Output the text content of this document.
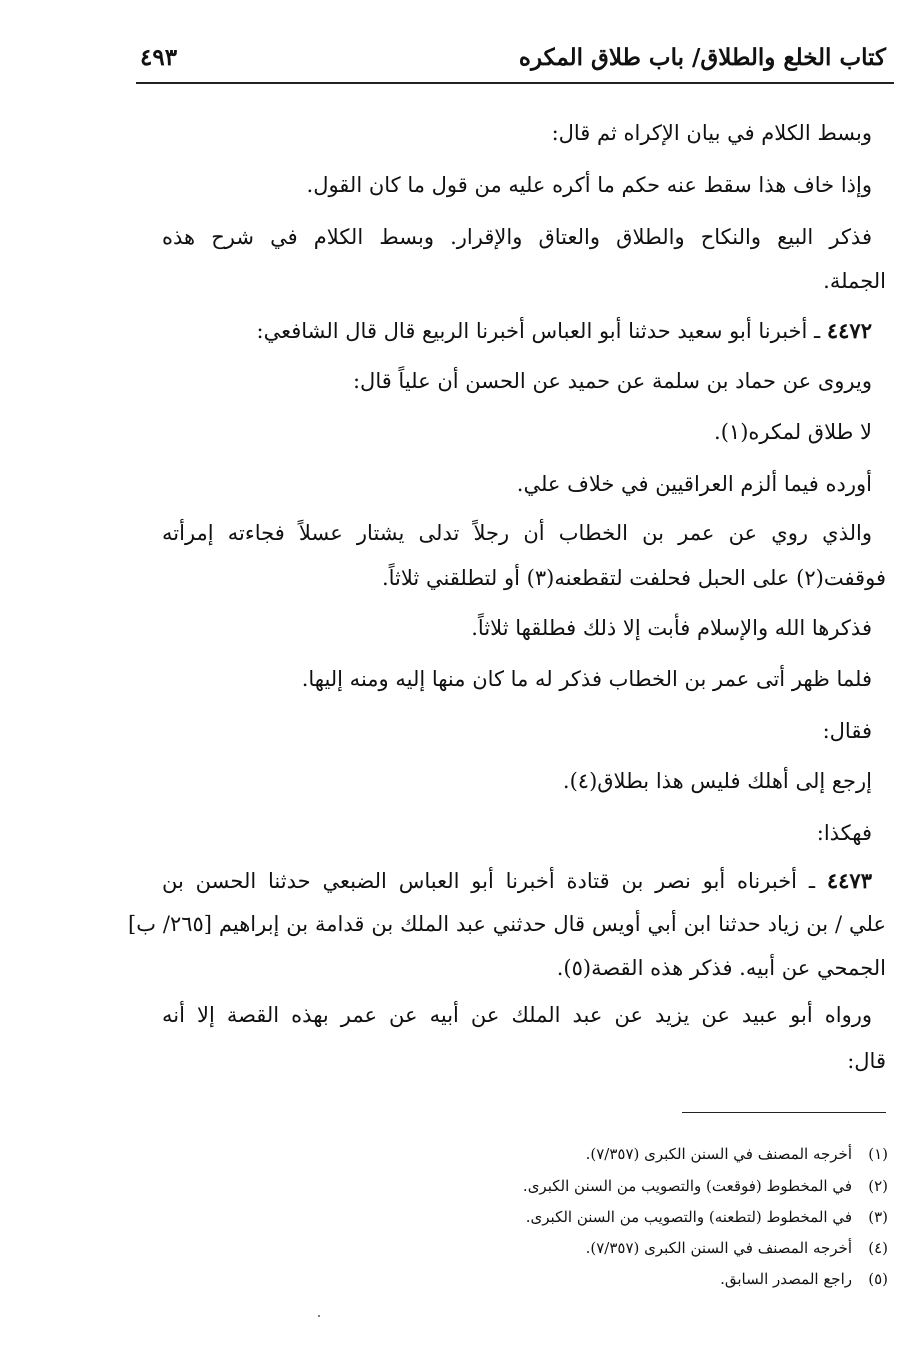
كتاب الخلع والطلاق/ باب طلاق المكره
٤٩٣
وبسط الكلام في بيان الإكراه ثم قال:
وإذا خاف هذا سقط عنه حكم ما أكره عليه من قول ما كان القول.
فذكر البيع والنكاح والطلاق والعتاق والإقرار. وبسط الكلام في شرح هذه
الجملة.
٤٤٧٢ ـ أخبرنا أبو سعيد حدثنا أبو العباس أخبرنا الربيع قال قال الشافعي:
ويروى عن حماد بن سلمة عن حميد عن الحسن أن علياً قال:
لا طلاق لمكره(١).
أورده فيما ألزم العراقيين في خلاف علي.
والذي روي عن عمر بن الخطاب أن رجلاً تدلى يشتار عسلاً فجاءته إمرأته
فوقفت(٢) على الحبل فحلفت لتقطعنه(٣) أو لتطلقني ثلاثاً.
فذكرها الله والإسلام فأبت إلا ذلك فطلقها ثلاثاً.
فلما ظهر أتى عمر بن الخطاب فذكر له ما كان منها إليه ومنه إليها.
فقال:
إرجع إلى أهلك فليس هذا بطلاق(٤).
فهكذا:
٤٤٧٣ ـ أخبرناه أبو نصر بن قتادة أخبرنا أبو العباس الضبعي حدثنا الحسن بن
علي / بن زياد حدثنا ابن أبي أويس قال حدثني عبد الملك بن قدامة بن إبراهيم [٢٦٥/ ب]
الجمحي عن أبيه. فذكر هذه القصة(٥).
ورواه أبو عبيد عن يزيد عن عبد الملك عن أبيه عن عمر بهذه القصة إلا أنه
قال:
(١)أخرجه المصنف في السنن الكبرى (٧/٣٥٧).
(٢)في المخطوط (فوقعت) والتصويب من السنن الكبرى.
(٣)في المخطوط (لتطعنه) والتصويب من السنن الكبرى.
(٤)أخرجه المصنف في السنن الكبرى (٧/٣٥٧).
(٥)راجع المصدر السابق.
